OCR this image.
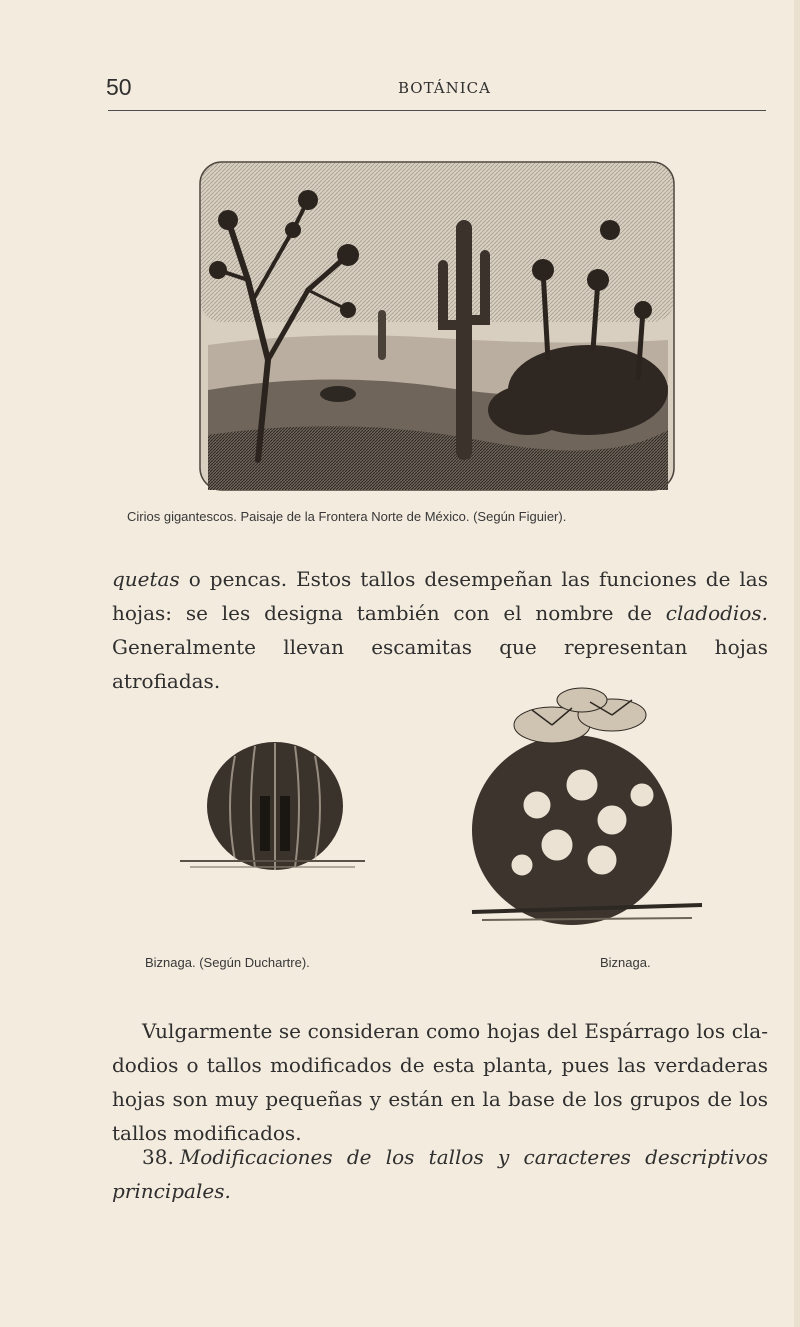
50	BOTÁNICA
Cirios gigantescos. Paisaje de la Frontera Norte de México. (Según Figuier).

quetas o pencas. Estos tallos desempeñan las funciones de las hojas: se les designa también con el nombre de cladodios. Generalmente llevan escamitas que representan hojas atrofiadas.

Biznaga. (Según Duchartre).	Biznaga.

Vulgarmente se consideran como hojas del Espárrago los cladodios o tallos modificados de esta planta, pues las verdaderas hojas son muy pequeñas y están en la base de los grupos de los tallos modificados.

38. Modificaciones de los tallos y caracteres descriptivos principales.
